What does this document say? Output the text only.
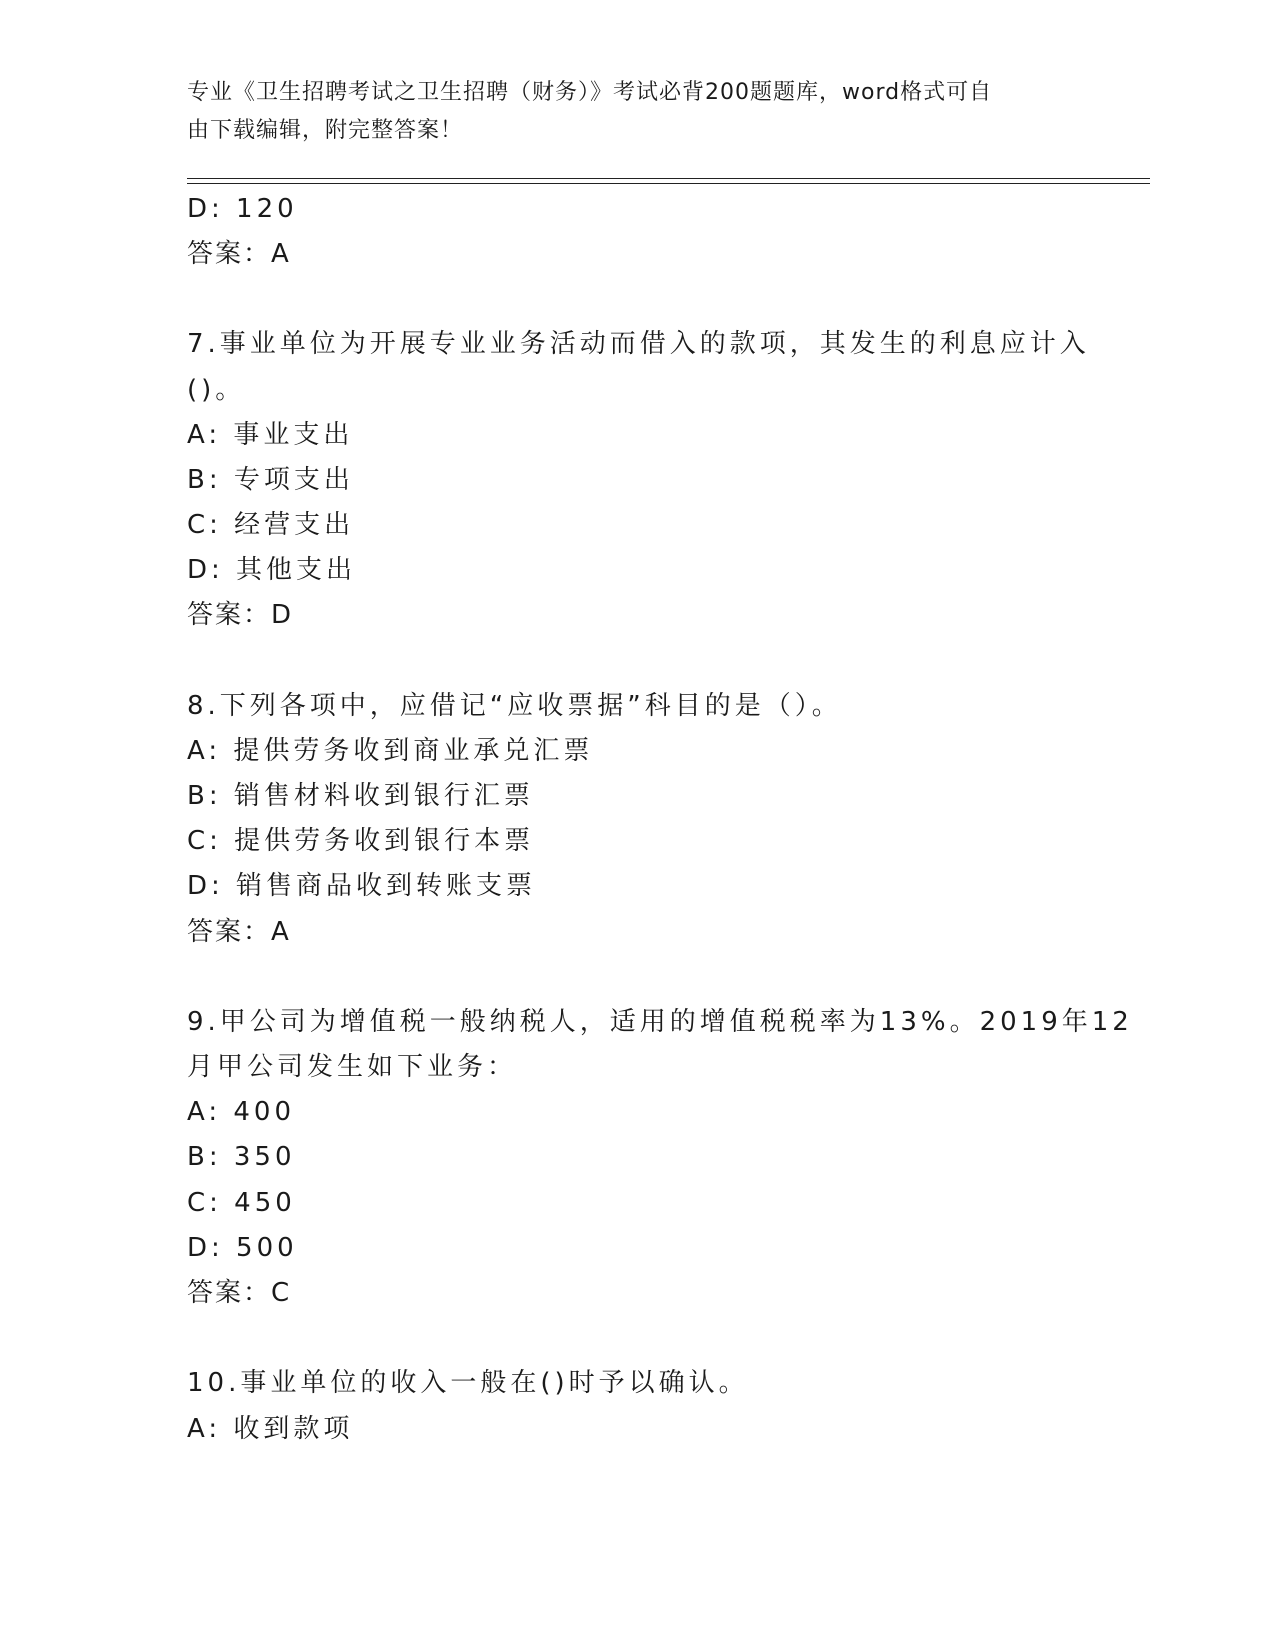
专业《卫生招聘考试之卫生招聘（财务）》考试必背200题题库，word格式可自
由下载编辑，附完整答案！
D: 120
答案：A
7.事业单位为开展专业业务活动而借入的款项，其发生的利息应计入
()。
A: 事业支出
B: 专项支出
C: 经营支出
D: 其他支出
答案：D
8.下列各项中，应借记“应收票据”科目的是（）。
A: 提供劳务收到商业承兑汇票
B: 销售材料收到银行汇票
C: 提供劳务收到银行本票
D: 销售商品收到转账支票
答案：A
9.甲公司为增值税一般纳税人，适用的增值税税率为13%。2019年12
月甲公司发生如下业务：
A: 400
B: 350
C: 450
D: 500
答案：C
10.事业单位的收入一般在()时予以确认。
A: 收到款项
